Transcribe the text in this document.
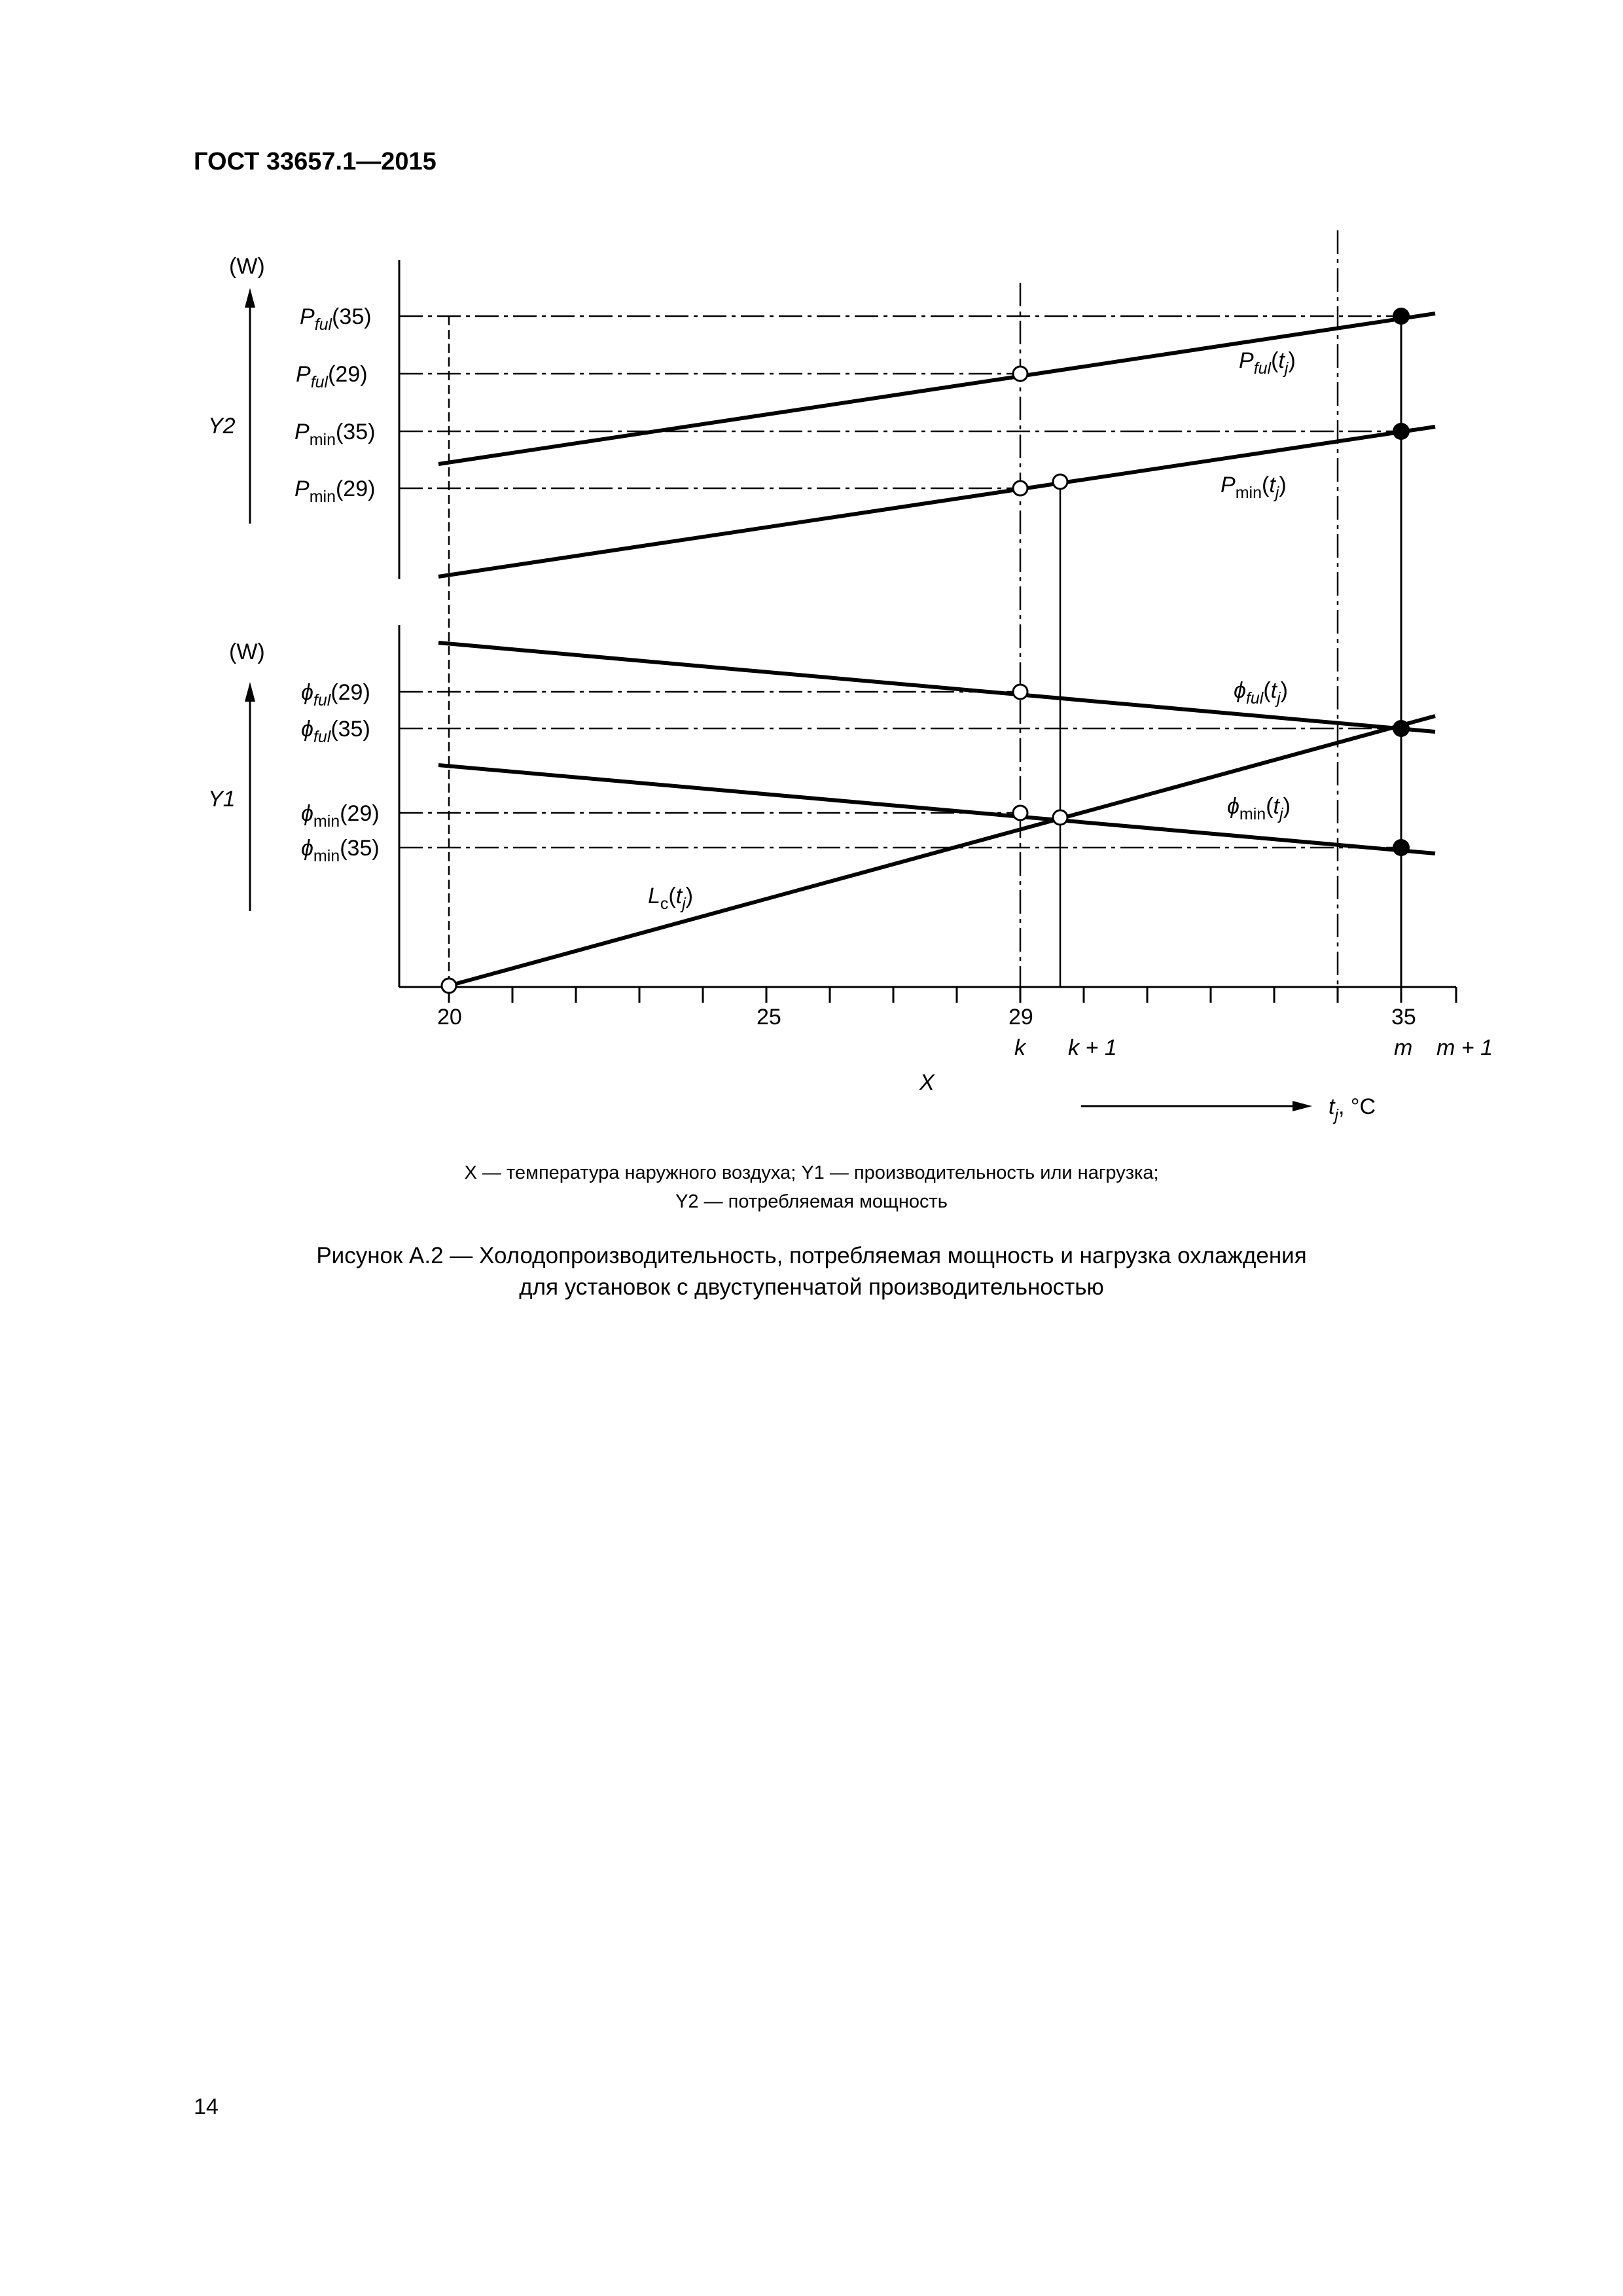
ГОСТ 33657.1—2015
(W)
Y2
(W)
Y1
20	25	29	35
k k + 1	m m + 1
X
$t_j$, °C
$P_{ful}(35)$
$P_{ful}(29)$
$P_{min}(35)$
$P_{min}(29)$
$\phi_{ful}(29)$
$\phi_{ful}(35)$
$\phi_{min}(29)$
$\phi_{min}(35)$
$P_{ful}(t_j)$
$P_{min}(t_j)$
$\phi_{ful}(t_j)$
$\phi_{min}(t_j)$
$L_c(t_j)$
X — температура наружного воздуха; Y1 — производительность или нагрузка;
Y2 — потребляемая мощность
Рисунок А.2 — Холодопроизводительность, потребляемая мощность и нагрузка охлаждения
для установок с двуступенчатой производительностью
14
